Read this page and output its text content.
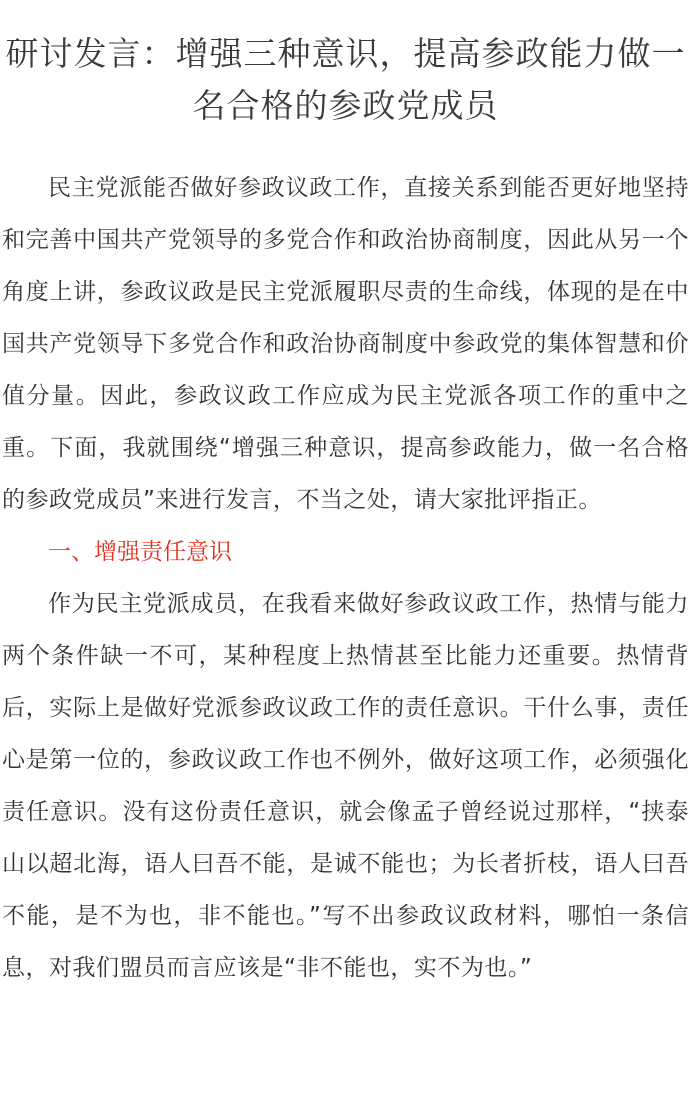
研讨发言：增强三种意识，提高参政能力做一名合格的参政党成员

民主党派能否做好参政议政工作，直接关系到能否更好地坚持和完善中国共产党领导的多党合作和政治协商制度，因此从另一个角度上讲，参政议政是民主党派履职尽责的生命线，体现的是在中国共产党领导下多党合作和政治协商制度中参政党的集体智慧和价值分量。因此，参政议政工作应成为民主党派各项工作的重中之重。下面，我就围绕“增强三种意识，提高参政能力，做一名合格的参政党成员”来进行发言，不当之处，请大家批评指正。

一、增强责任意识

作为民主党派成员，在我看来做好参政议政工作，热情与能力两个条件缺一不可，某种程度上热情甚至比能力还重要。热情背后，实际上是做好党派参政议政工作的责任意识。干什么事，责任心是第一位的，参政议政工作也不例外，做好这项工作，必须强化责任意识。没有这份责任意识，就会像孟子曾经说过那样，“挟泰山以超北海，语人曰吾不能，是诚不能也；为长者折枝，语人曰吾不能，是不为也，非不能也。”写不出参政议政材料，哪怕一条信息，对我们盟员而言应该是“非不能也，实不为也。”
